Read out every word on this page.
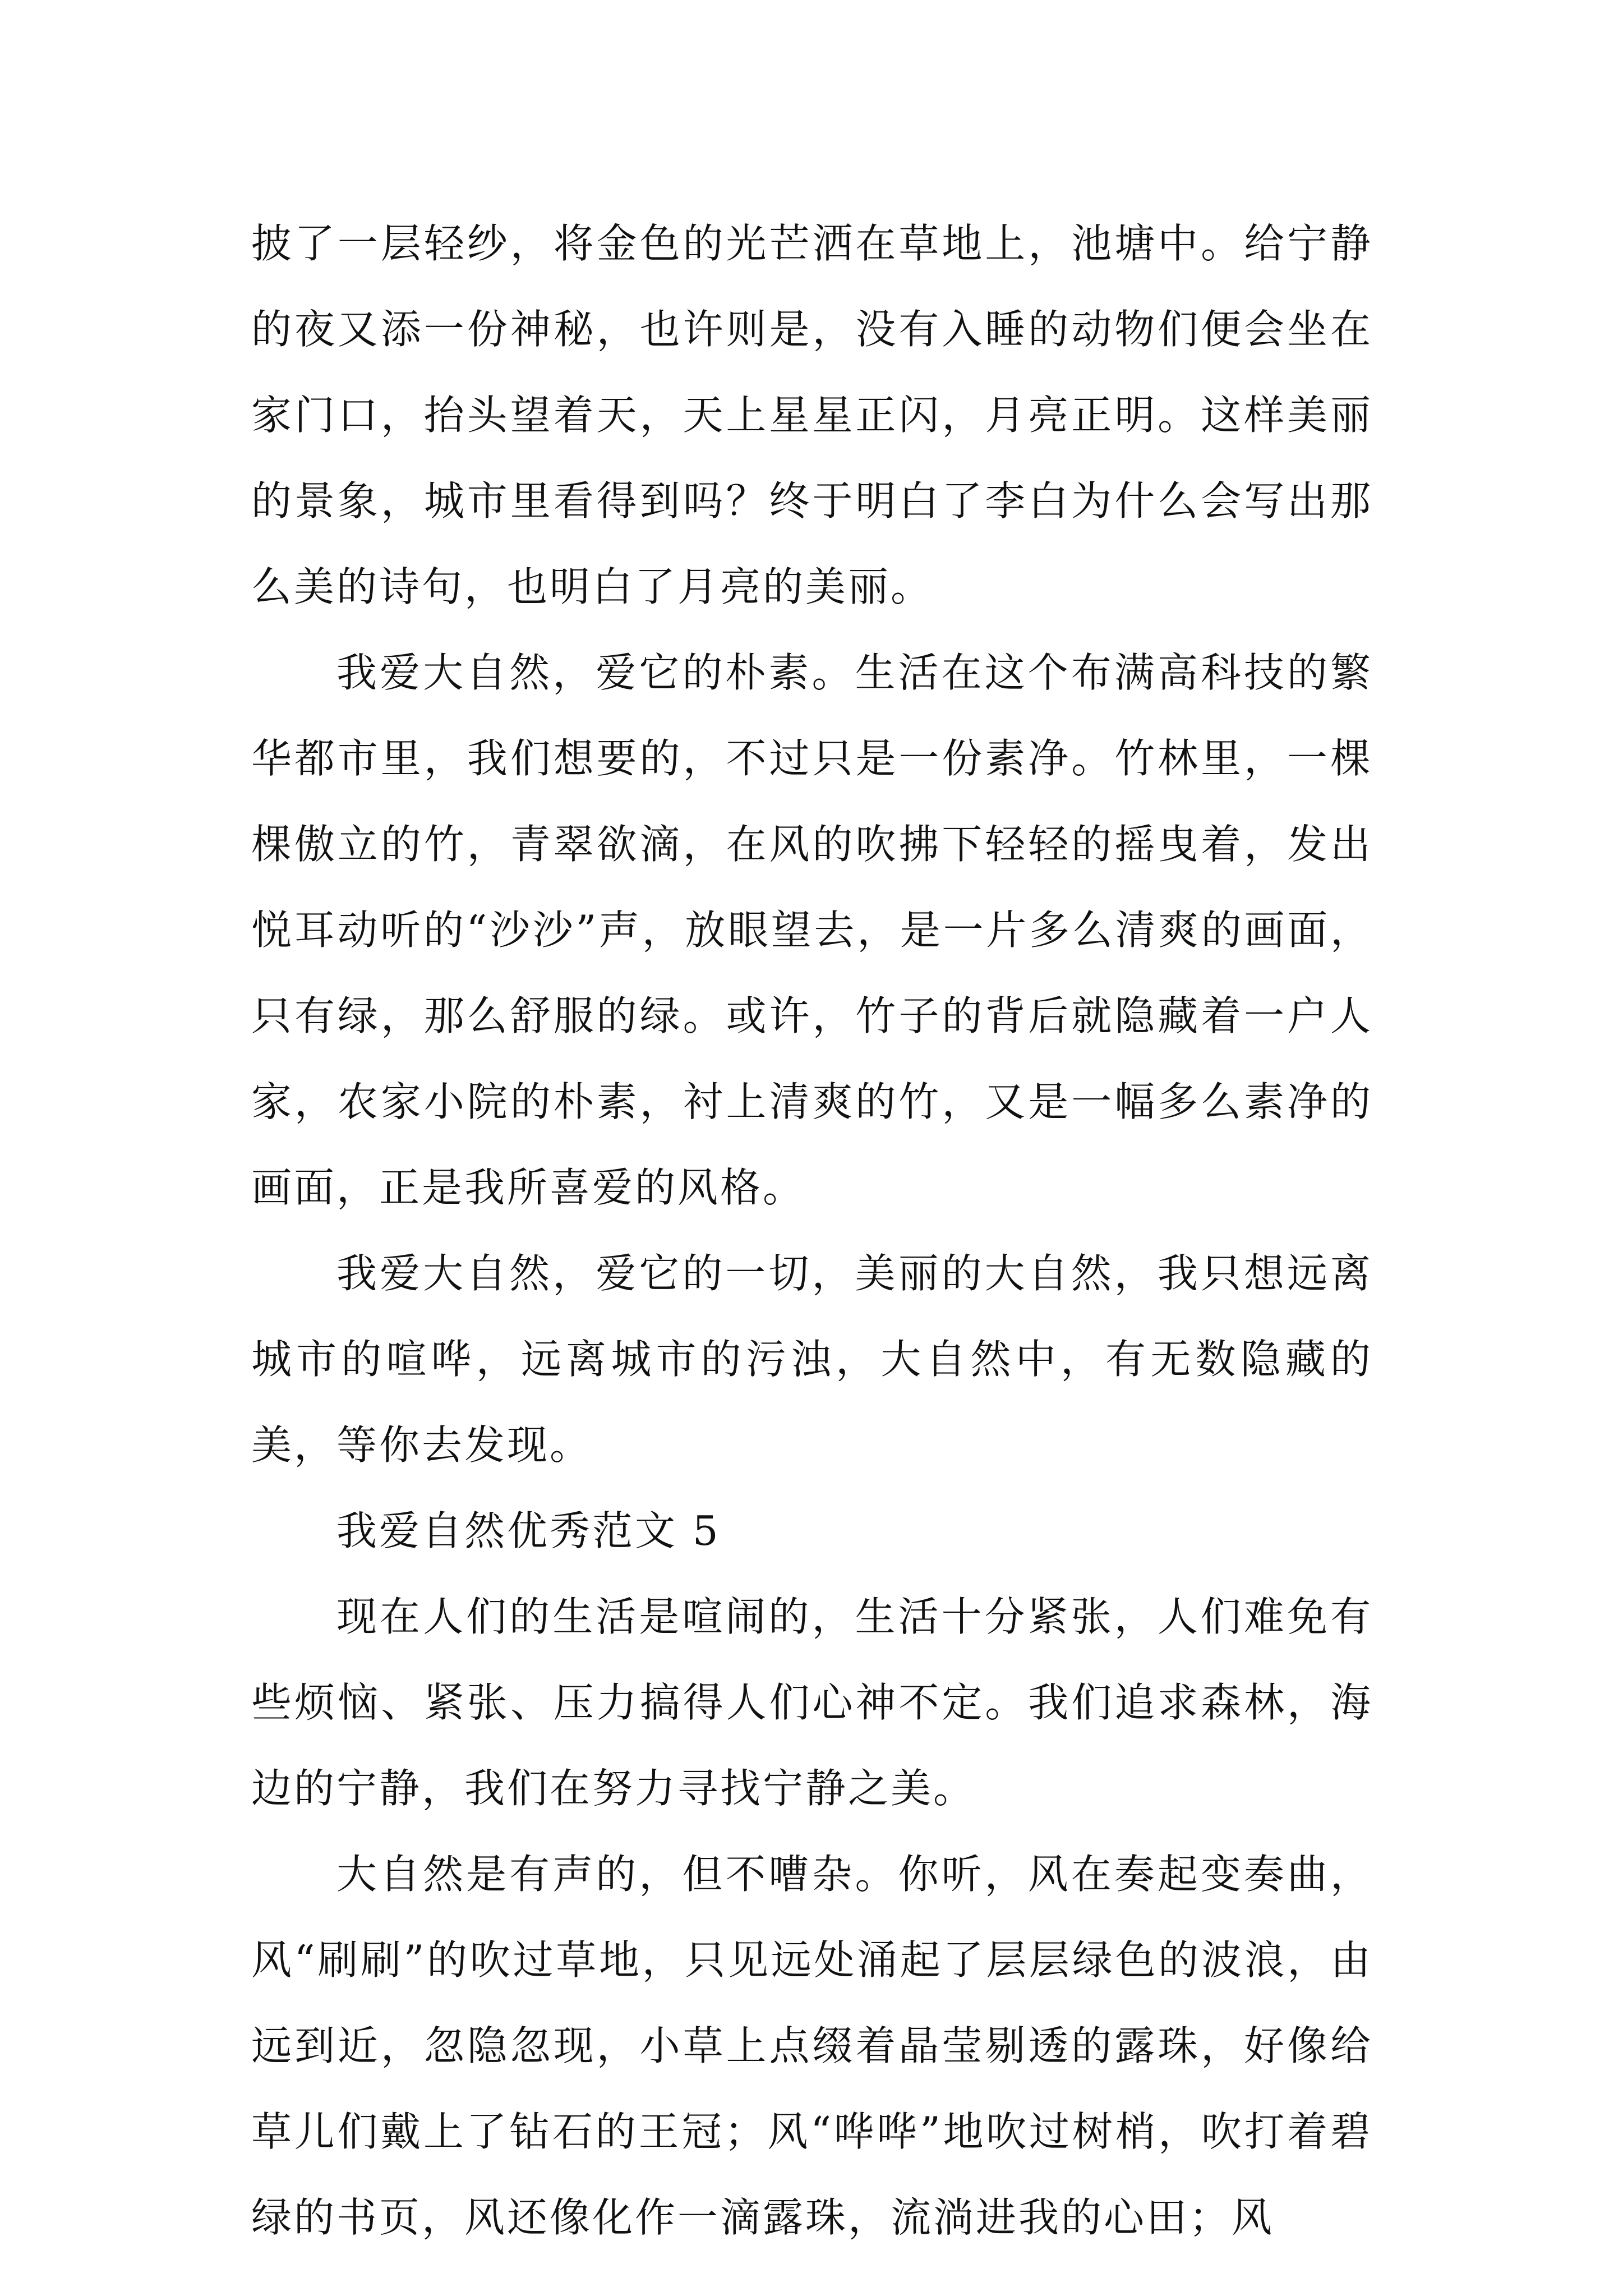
披了一层轻纱，将金色的光芒洒在草地上，池塘中。给宁静的夜又添一份神秘，也许则是，没有入睡的动物们便会坐在家门口，抬头望着天，天上星星正闪，月亮正明。这样美丽的景象，城市里看得到吗？终于明白了李白为什么会写出那么美的诗句，也明白了月亮的美丽。

我爱大自然，爱它的朴素。生活在这个布满高科技的繁华都市里，我们想要的，不过只是一份素净。竹林里，一棵棵傲立的竹，青翠欲滴，在风的吹拂下轻轻的摇曳着，发出悦耳动听的“沙沙”声，放眼望去，是一片多么清爽的画面，只有绿，那么舒服的绿。或许，竹子的背后就隐藏着一户人家，农家小院的朴素，衬上清爽的竹，又是一幅多么素净的画面，正是我所喜爱的风格。

我爱大自然，爱它的一切，美丽的大自然，我只想远离城市的喧哗，远离城市的污浊，大自然中，有无数隐藏的美，等你去发现。

我爱自然优秀范文 5

现在人们的生活是喧闹的，生活十分紧张，人们难免有些烦恼、紧张、压力搞得人们心神不定。我们追求森林，海边的宁静，我们在努力寻找宁静之美。

大自然是有声的，但不嘈杂。你听，风在奏起变奏曲，风“刷刷”的吹过草地，只见远处涌起了层层绿色的波浪，由远到近，忽隐忽现，小草上点缀着晶莹剔透的露珠，好像给草儿们戴上了钻石的王冠；风“哗哗”地吹过树梢，吹打着碧绿的书页，风还像化作一滴露珠，流淌进我的心田；风
